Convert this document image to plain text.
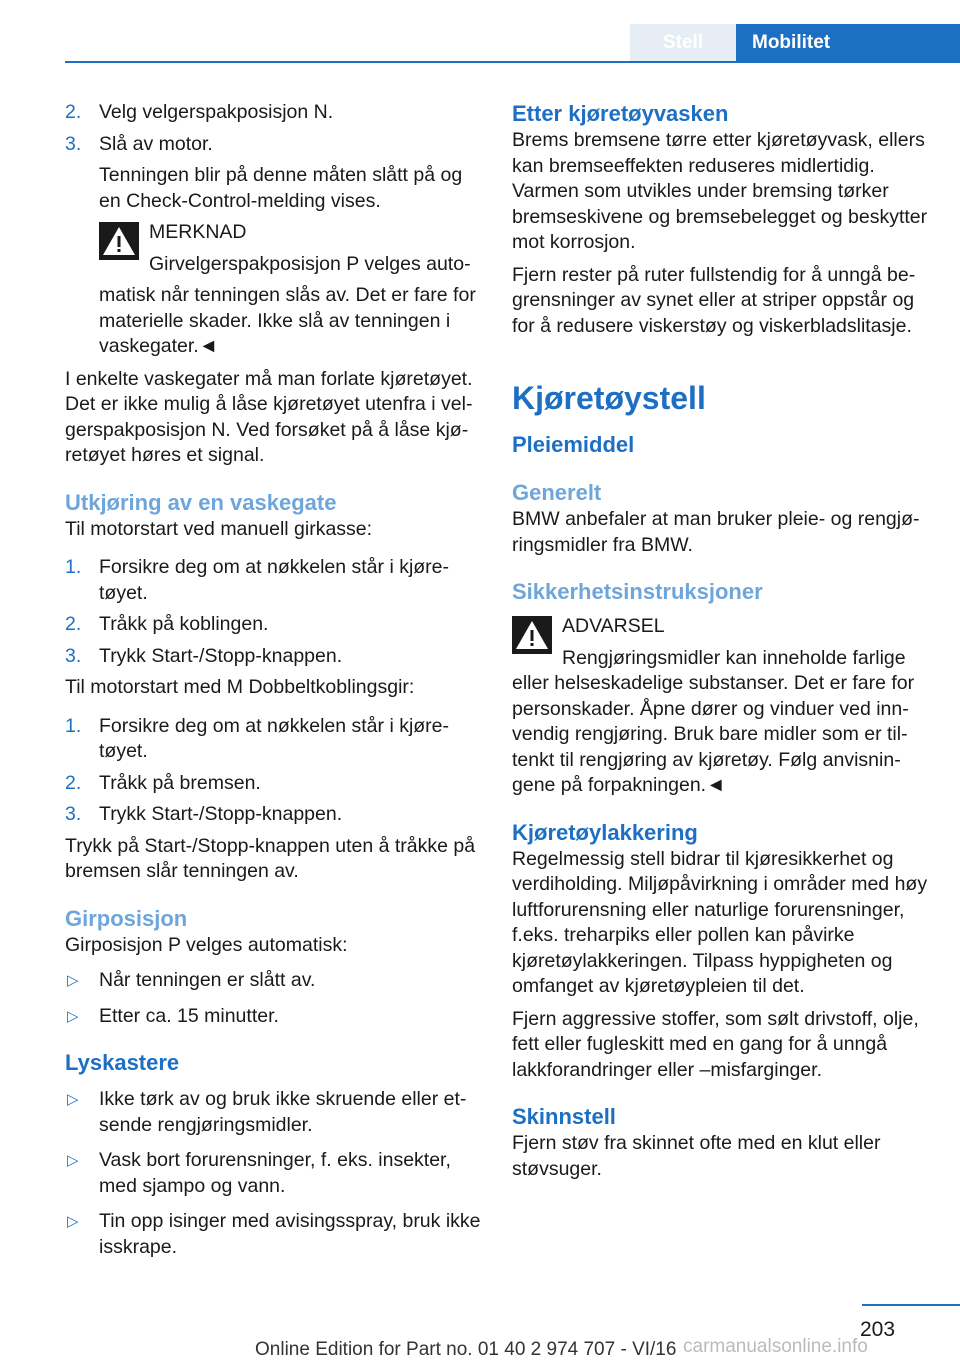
Stell	Mobilitet
2. Velg velgerspakposisjon N.
3. Slå av motor.
Tenningen blir på denne måten slått på og en Check-Control-melding vises.
MERKNAD
Girvelgerspakposisjon P velges auto-
matisk når tenningen slås av. Det er fare for materielle skader. Ikke slå av tenningen i vaskegater.◄
I enkelte vaskegater må man forlate kjøretøyet. Det er ikke mulig å låse kjøretøyet utenfra i velgerspakposisjon N. Ved forsøket på å låse kjøretøyet høres et signal.
Utkjøring av en vaskegate
Til motorstart ved manuell girkasse:
1. Forsikre deg om at nøkkelen står i kjøretøyet.
2. Tråkk på koblingen.
3. Trykk Start-/Stopp-knappen.
Til motorstart med M Dobbeltkoblingsgir:
1. Forsikre deg om at nøkkelen står i kjøretøyet.
2. Tråkk på bremsen.
3. Trykk Start-/Stopp-knappen.
Trykk på Start-/Stopp-knappen uten å tråkke på bremsen slår tenningen av.
Girposisjon
Girposisjon P velges automatisk:
▷	Når tenningen er slått av.
▷	Etter ca. 15 minutter.
Lyskastere
▷	Ikke tørk av og bruk ikke skruende eller etsende rengjøringsmidler.
▷	Vask bort forurensninger, f. eks. insekter, med sjampo og vann.
▷	Tin opp isinger med avisingsspray, bruk ikke isskrape.
Etter kjøretøyvasken
Brems bremsene tørre etter kjøretøyvask, ellers kan bremseeffekten reduseres midlertidig. Varmen som utvikles under bremsing tørker bremseskivene og bremsebelegget og beskytter mot korrosjon.
Fjern rester på ruter fullstendig for å unngå begrensninger av synet eller at striper oppstår og for å redusere viskerstøy og viskerbladslitasje.
Kjøretøystell
Pleiemiddel
Generelt
BMW anbefaler at man bruker pleie- og rengjøringsmidler fra BMW.
Sikkerhetsinstruksjoner
ADVARSEL
Rengjøringsmidler kan inneholde farlige
eller helseskadelige substanser. Det er fare for personskader. Åpne dører og vinduer ved innvendig rengjøring. Bruk bare midler som er tiltenkt til rengjøring av kjøretøy. Følg anvisningene på forpakningen.◄
Kjøretøylakkering
Regelmessig stell bidrar til kjøresikkerhet og verdiholding. Miljøpåvirkning i områder med høy luftforurensning eller naturlige forurensninger, f.eks. treharpiks eller pollen kan påvirke kjøretøylakkeringen. Tilpass hyppigheten og omfanget av kjøretøypleien til det.
Fjern aggressive stoffer, som sølt drivstoff, olje, fett eller fugleskitt med en gang for å unngå lakkforandringer eller –misfarginger.
Skinnstell
Fjern støv fra skinnet ofte med en klut eller støvsuger.
203
Online Edition for Part no. 01 40 2 974 707 - VI/16 carmanualsonline.info
